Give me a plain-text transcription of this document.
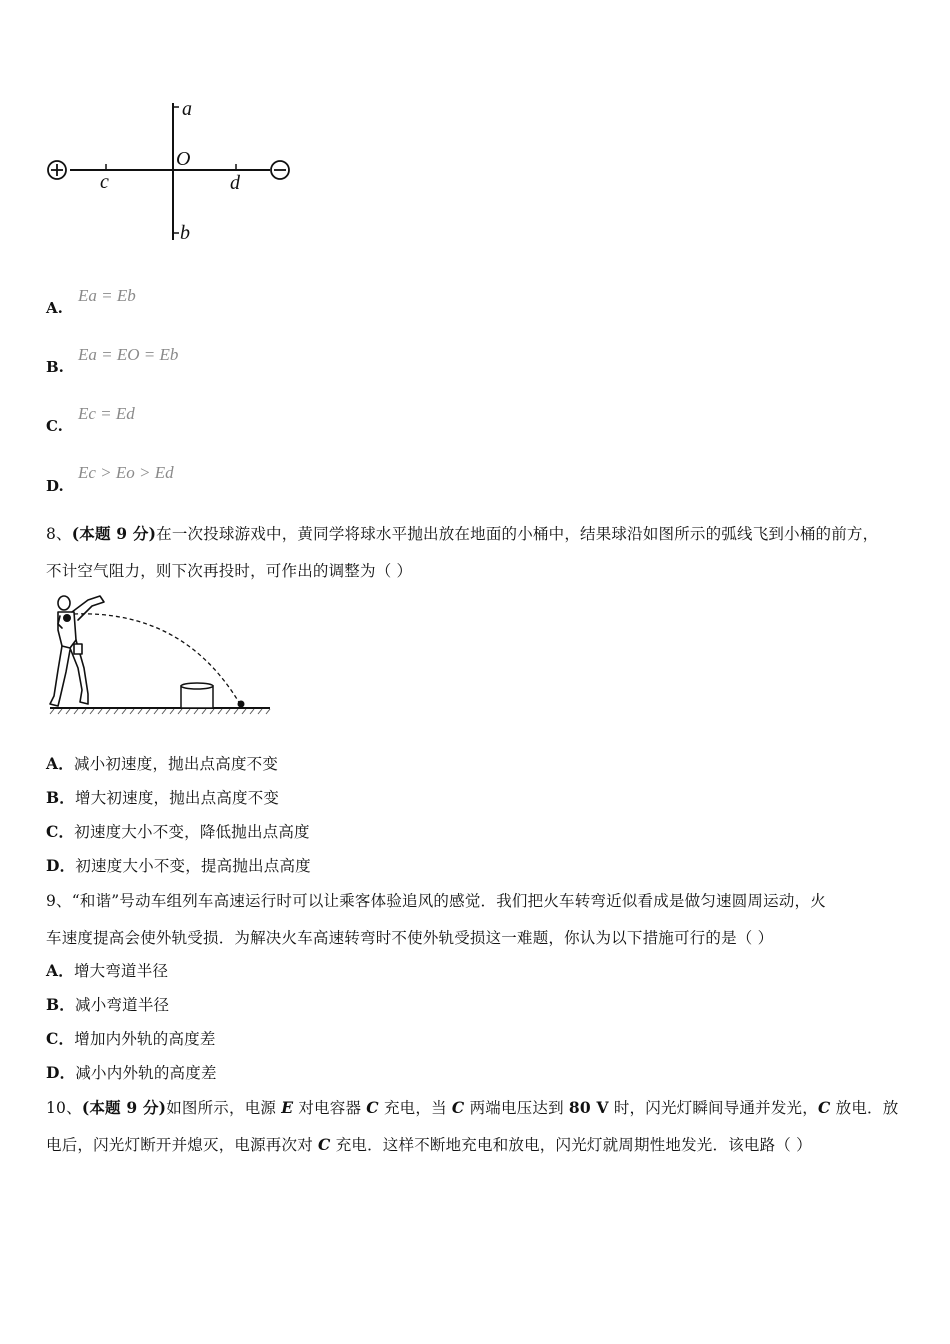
a
O
b
c	d
A.
Ea = Eb
B.
Ea = EO = Eb
C.
Ec = Ed
D.
Ec > Eo > Ed
8、(本题 9 分)在一次投球游戏中，黄同学将球水平抛出放在地面的小桶中，结果球沿如图所示的弧线飞到小桶的前方，
不计空气阻力，则下次再投时，可作出的调整为（ ）
A．减小初速度，抛出点高度不变
B．增大初速度，抛出点高度不变
C．初速度大小不变，降低抛出点高度
D．初速度大小不变，提高抛出点高度
9、“和谐”号动车组列车高速运行时可以让乘客体验追风的感觉．我们把火车转弯近似看成是做匀速圆周运动，火
车速度提高会使外轨受损．为解决火车高速转弯时不使外轨受损这一难题，你认为以下措施可行的是（ ）
A．增大弯道半径
B．减小弯道半径
C．增加内外轨的高度差
D．减小内外轨的高度差
10、(本题 9 分)如图所示，电源 E 对电容器 C 充电，当 C 两端电压达到 80 V 时，闪光灯瞬间导通并发光，C 放电．放
电后，闪光灯断开并熄灭，电源再次对 C 充电．这样不断地充电和放电，闪光灯就周期性地发光．该电路（ ）
